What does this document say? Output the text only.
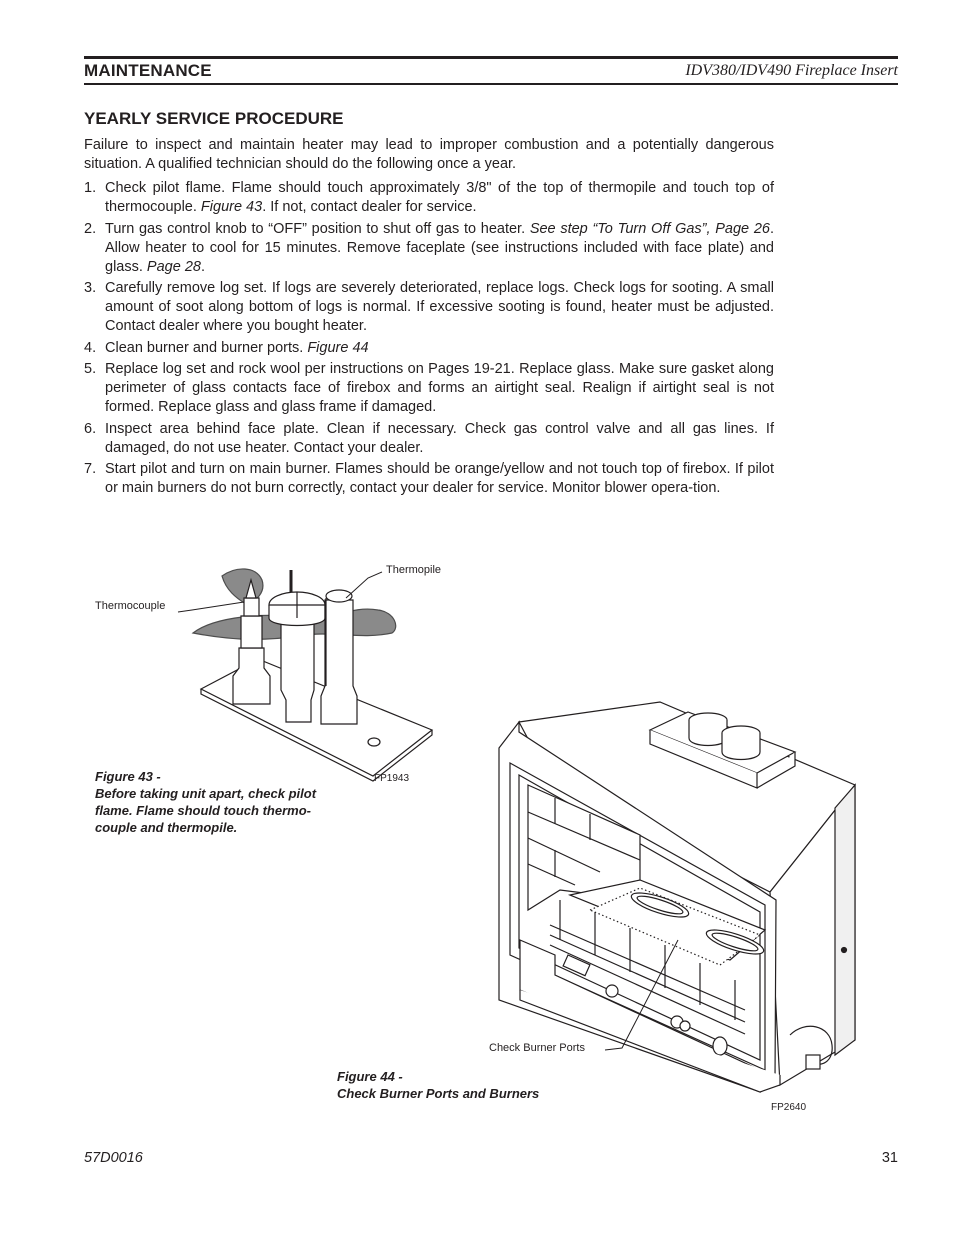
MAINTENANCE	IDV380/IDV490 Fireplace Insert
YEARLY SERVICE PROCEDURE
Failure to inspect and maintain heater may lead to improper combustion and a potentially dangerous situation. A qualified technician should do the following once a year.
1. Check pilot flame. Flame should touch approximately 3/8" of the top of thermopile and touch top of thermocouple. Figure 43. If not, contact dealer for service.
2. Turn gas control knob to “OFF” position to shut off gas to heater. See step “To Turn Off Gas”, Page 26. Allow heater to cool for 15 minutes. Remove faceplate (see instructions included with face plate) and glass. Page 28.
3. Carefully remove log set. If logs are severely deteriorated, replace logs. Check logs for sooting. A small amount of soot along bottom of logs is normal. If excessive sooting is found, heater must be adjusted. Contact dealer where you bought heater.
4. Clean burner and burner ports. Figure 44
5. Replace log set and rock wool per instructions on Pages 19-21. Replace glass. Make sure gasket along perimeter of glass contacts face of firebox and forms an airtight seal. Realign if airtight seal is not formed. Replace glass and glass frame if damaged.
6. Inspect area behind face plate. Clean if necessary. Check gas control valve and all gas lines. If damaged, do not use heater. Contact your dealer.
7. Start pilot and turn on main burner. Flames should be orange/yellow and not touch top of firebox. If pilot or main burners do not burn correctly, contact your dealer for service. Monitor blower opera-tion.
Thermopile
Thermocouple
FP1943
Figure 43 -
Before taking unit apart, check pilot flame. Flame should touch thermo-couple and thermopile.
Check Burner Ports
Figure 44 -
Check Burner Ports and Burners
FP2640
57D0016	31
